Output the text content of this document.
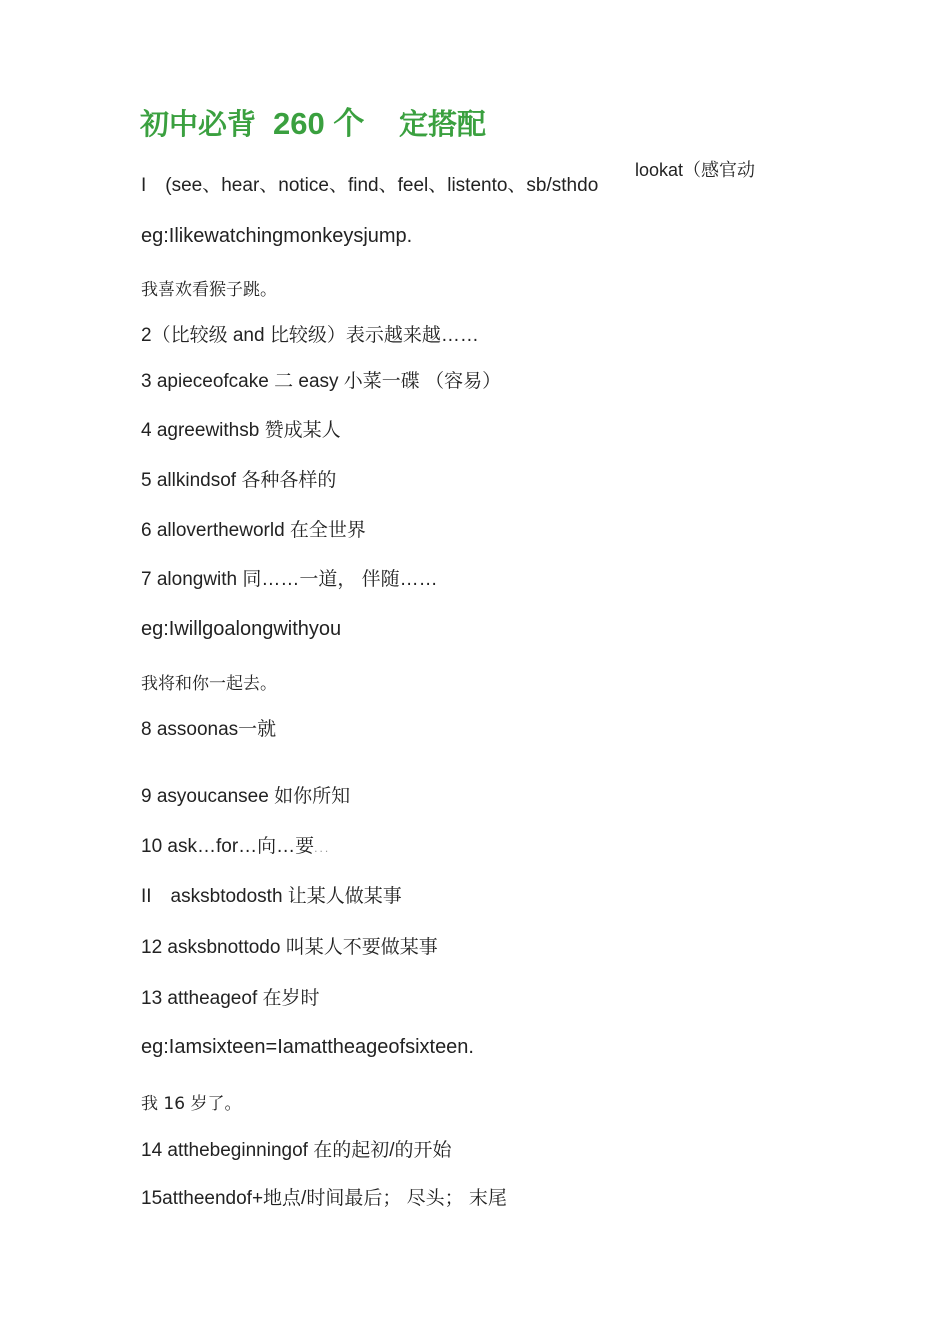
初中必背 260 个 定搭配
I　(see、hear、notice、find、feel、listento、sb/sthdo
lookat（感官动
eg:Ilikewatchingmonkeysjump.
我喜欢看猴子跳。
2（比较级 and 比较级）表示越来越……
3 apieceofcake 二 easy 小菜一碟 （容易）
4 agreewithsb 赞成某人
5 allkindsof 各种各样的
6 allovertheworld 在全世界
7 alongwith 同……一道， 伴随……
eg:Iwillgoalongwithyou
我将和你一起去。
8 assoonas一就
9 asyoucansee 如你所知
10 ask…for…向…要...
II　asksbtodosth 让某人做某事
12 asksbnottodo 叫某人不要做某事
13 attheageof 在岁时
eg:Iamsixteen=Iamattheageofsixteen.
我 16 岁了。
14 atthebeginningof 在的起初/的开始
15attheendof+地点/时间最后； 尽头； 末尾
